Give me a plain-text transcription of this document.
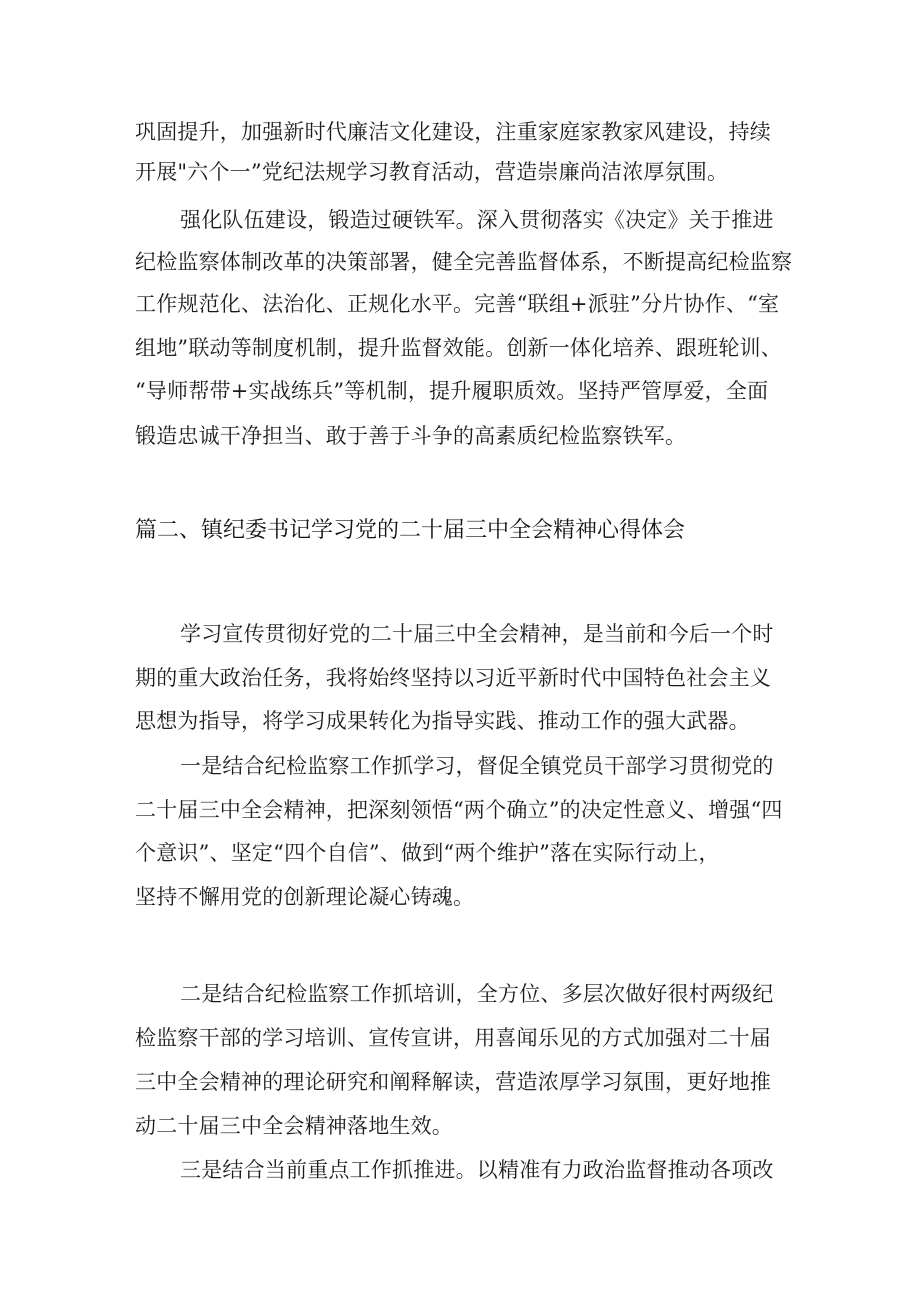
巩固提升，加强新时代廉洁文化建设，注重家庭家教家风建设，持续
开展"六个一”党纪法规学习教育活动，营造崇廉尚洁浓厚氛围。
强化队伍建设，锻造过硬铁军。深入贯彻落实《决定》关于推进
纪检监察体制改革的决策部署，健全完善监督体系，不断提高纪检监察
工作规范化、法治化、正规化水平。完善“联组+派驻”分片协作、“室
组地”联动等制度机制，提升监督效能。创新一体化培养、跟班轮训、
“导师帮带+实战练兵”等机制，提升履职质效。坚持严管厚爱，全面
锻造忠诚干净担当、敢于善于斗争的高素质纪检监察铁军。
篇二、镇纪委书记学习党的二十届三中全会精神心得体会
学习宣传贯彻好党的二十届三中全会精神，是当前和今后一个时
期的重大政治任务，我将始终坚持以习近平新时代中国特色社会主义
思想为指导，将学习成果转化为指导实践、推动工作的强大武器。
一是结合纪检监察工作抓学习，督促全镇党员干部学习贯彻党的
二十届三中全会精神，把深刻领悟“两个确立”的决定性意义、增强“四
个意识”、坚定“四个自信”、做到“两个维护”落在实际行动上，
坚持不懈用党的创新理论凝心铸魂。
二是结合纪检监察工作抓培训，全方位、多层次做好很村两级纪
检监察干部的学习培训、宣传宣讲，用喜闻乐见的方式加强对二十届
三中全会精神的理论研究和阐释解读，营造浓厚学习氛围，更好地推
动二十届三中全会精神落地生效。
三是结合当前重点工作抓推进。以精准有力政治监督推动各项改
